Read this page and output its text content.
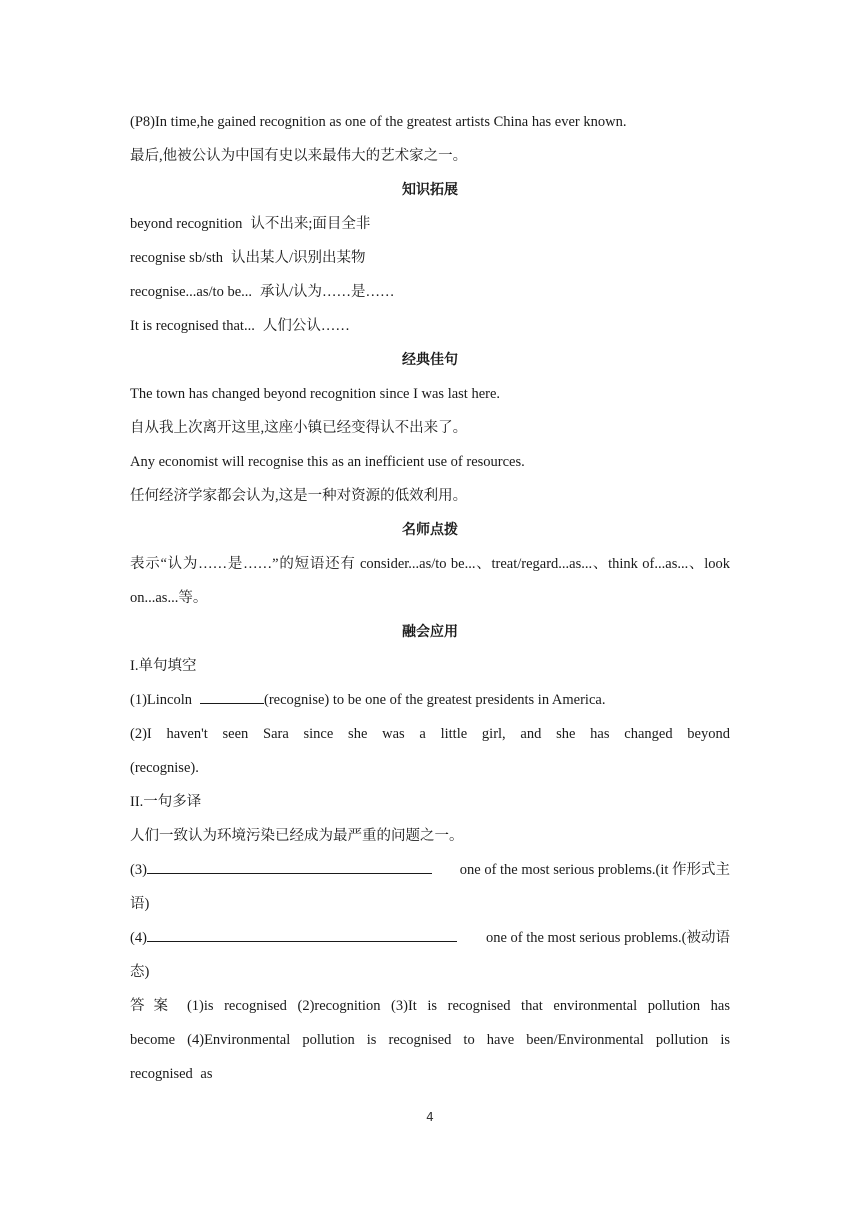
(P8)In time,he gained recognition as one of the greatest artists China has ever known.
最后,他被公认为中国有史以来最伟大的艺术家之一。
知识拓展
beyond recognition 认不出来;面目全非
recognise sb/sth 认出某人/识别出某物
recognise...as/to be... 承认/认为……是……
It is recognised that... 人们公认……
经典佳句
The town has changed beyond recognition since I was last here.
自从我上次离开这里,这座小镇已经变得认不出来了。
Any economist will recognise this as an inefficient use of resources.
任何经济学家都会认为,这是一种对资源的低效利用。
名师点拨
表示“认为……是……”的短语还有 consider...as/to be...、treat/regard...as...、think of...as...、look
on...as...等。
融会应用
I.单句填空
(1)Lincoln	(recognise) to be one of the greatest presidents in America.
(2)I haven't seen Sara since she was a little girl, and she has changed beyond
(recognise).
II.一句多译
人们一致认为环境污染已经成为最严重的问题之一。
(3)	one of the most serious problems.(it 作形式主
语)
(4)	one of the most serious problems.(被动语
态)
答案 (1)is recognised (2)recognition (3)It is recognised that environmental pollution has become (4)Environmental pollution is recognised to have been/Environmental pollution is recognised as
4
